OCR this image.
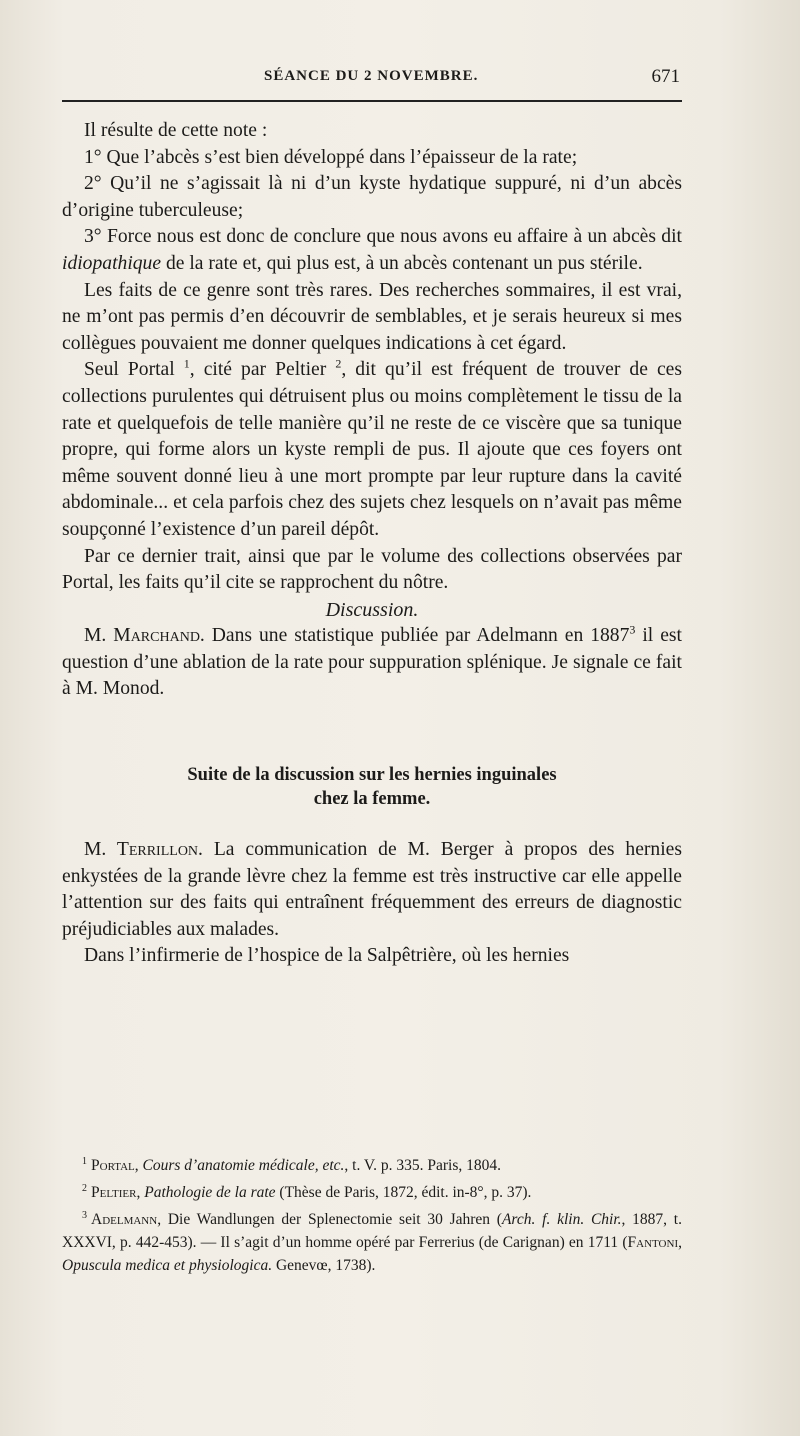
SÉANCE DU 2 NOVEMBRE.	671

Il résulte de cette note :

1° Que l’abcès s’est bien développé dans l’épaisseur de la rate;

2° Qu’il ne s’agissait là ni d’un kyste hydatique suppuré, ni d’un abcès d’origine tuberculeuse;

3° Force nous est donc de conclure que nous avons eu affaire à un abcès dit idiopathique de la rate et, qui plus est, à un abcès contenant un pus stérile.

Les faits de ce genre sont très rares. Des recherches sommaires, il est vrai, ne m’ont pas permis d’en découvrir de semblables, et je serais heureux si mes collègues pouvaient me donner quelques indications à cet égard.

Seul Portal $^1$, cité par Peltier $^2$, dit qu’il est fréquent de trouver de ces collections purulentes qui détruisent plus ou moins complètement le tissu de la rate et quelquefois de telle manière qu’il ne reste de ce viscère que sa tunique propre, qui forme alors un kyste rempli de pus. Il ajoute que ces foyers ont même souvent donné lieu à une mort prompte par leur rupture dans la cavité abdominale... et cela parfois chez des sujets chez lesquels on n’avait pas même soupçonné l’existence d’un pareil dépôt.

Par ce dernier trait, ainsi que par le volume des collections observées par Portal, les faits qu’il cite se rapprochent du nôtre.

Discussion.

M. Marchand. Dans une statistique publiée par Adelmann en 1887$^3$ il est question d’une ablation de la rate pour suppuration splénique. Je signale ce fait à M. Monod.

Suite de la discussion sur les hernies inguinales
chez la femme.

M. Terrillon. La communication de M. Berger à propos des hernies enkystées de la grande lèvre chez la femme est très instructive car elle appelle l’attention sur des faits qui entraînent fréquemment des erreurs de diagnostic préjudiciables aux malades.

Dans l’infirmerie de l’hospice de la Salpêtrière, où les hernies

$^1$ Portal, Cours d’anatomie médicale, etc., t. V. p. 335. Paris, 1804.

$^2$ Peltier, Pathologie de la rate (Thèse de Paris, 1872, édit. in-8°, p. 37).

$^3$ Adelmann, Die Wandlungen der Splenectomie seit 30 Jahren (Arch. f. klin. Chir., 1887, t. XXXVI, p. 442-453). — Il s’agit d’un homme opéré par Ferrerius (de Carignan) en 1711 (Fantoni, Opuscula medica et physiologica. Genevœ, 1738).
